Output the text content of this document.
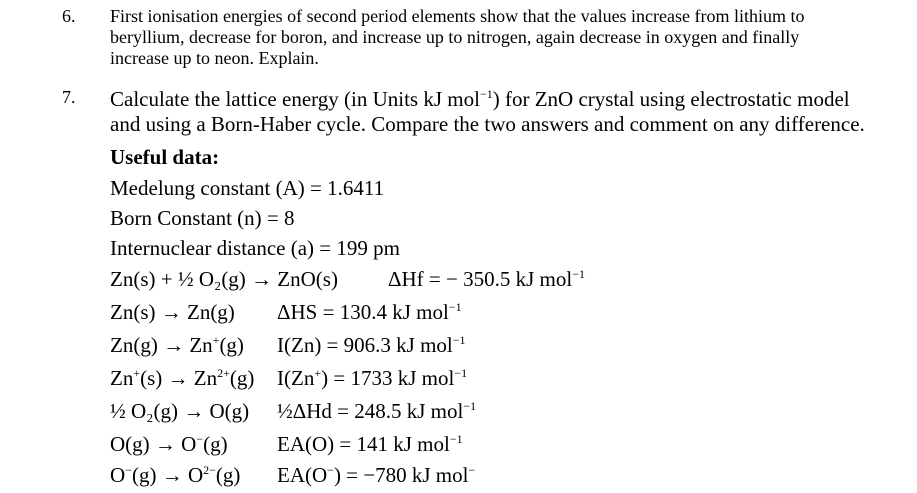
6. First ionisation energies of second period elements show that the values increase from lithium to
beryllium, decrease for boron, and increase up to nitrogen, again decrease in oxygen and finally
increase up to neon. Explain.
7. Calculate the lattice energy (in Units kJ mol$^{-1}$) for ZnO crystal using electrostatic model
and using a Born-Haber cycle. Compare the two answers and comment on any difference.
Useful data:
Medelung constant (A) = 1.6411
Born Constant (n) = 8
Internuclear distance (a) = 199 pm
Zn(s) + ½ O₂(g) → ZnO(s) ΔHf = − 350.5 kJ mol$^{-1}$
Zn(s) → Zn(g) ΔHS = 130.4 kJ mol$^{-1}$
Zn(g) → Zn+(g) I(Zn) = 906.3 kJ mol$^{-1}$
$Zn^+(s) \to Zn^{2+}(g) I(Zn^+) = 1733$ kJ mol$^{-1}$
½ O₂(g) → O(g) ½ΔHd = 248.5 kJ mol$^{-1}$
O(g) → O−(g) EA(O) = 141 kJ mol$^{-1}$
$O^-(g) \to O^{2-}(g) EA(O^-) = -780$ kJ mol−
